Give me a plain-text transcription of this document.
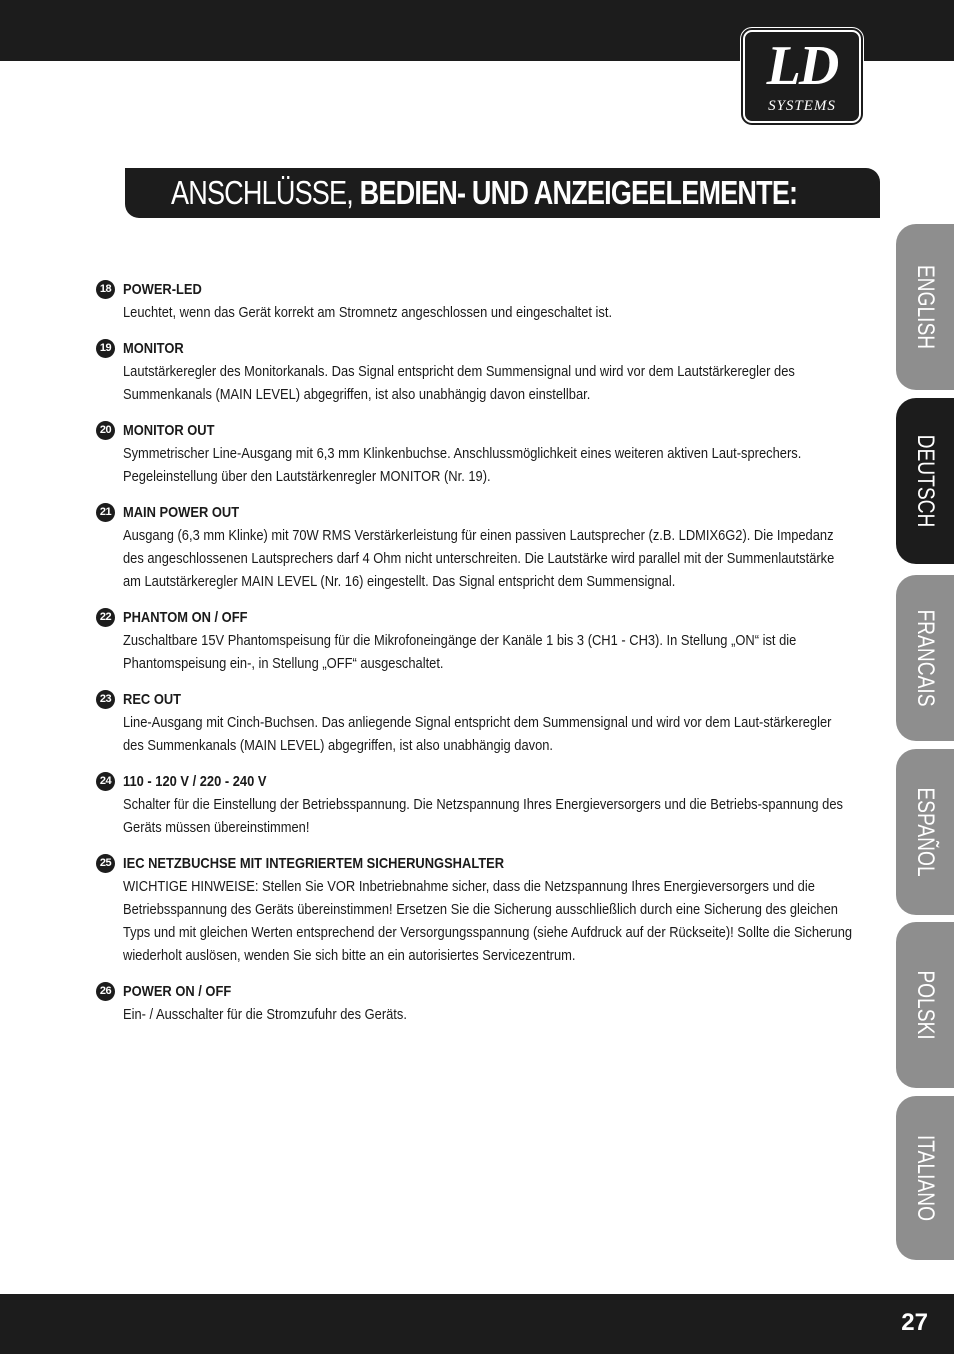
LD
SYSTEMS
ANSCHLÜSSE, BEDIEN- UND ANZEIGEELEMENTE:
ENGLISH
DEUTSCH
FRANCAIS
ESPAÑOL
POLSKI
ITALIANO
18 POWER-LED
Leuchtet, wenn das Gerät korrekt am Stromnetz angeschlossen und eingeschaltet ist.
19 MONITOR
Lautstärkeregler des Monitorkanals. Das Signal entspricht dem Summensignal und wird vor dem Lautstärkeregler des Summenkanals (MAIN LEVEL) abgegriffen, ist also unabhängig davon einstellbar.
20 MONITOR OUT
Symmetrischer Line-Ausgang mit 6,3 mm Klinkenbuchse. Anschlussmöglichkeit eines weiteren aktiven Laut-sprechers. Pegeleinstellung über den Lautstärkenregler MONITOR (Nr. 19).
21 MAIN POWER OUT
Ausgang (6,3 mm Klinke) mit 70W RMS Verstärkerleistung für einen passiven Lautsprecher (z.B. LDMIX6G2). Die Impedanz des angeschlossenen Lautsprechers darf 4 Ohm nicht unterschreiten. Die Lautstärke wird parallel mit der Summenlautstärke am Lautstärkeregler MAIN LEVEL (Nr. 16) eingestellt. Das Signal entspricht dem Summensignal.
22 PHANTOM ON / OFF
Zuschaltbare 15V Phantomspeisung für die Mikrofoneingänge der Kanäle 1 bis 3 (CH1 - CH3). In Stellung „ON“ ist die Phantomspeisung ein-, in Stellung „OFF“ ausgeschaltet.
23 REC OUT
Line-Ausgang mit Cinch-Buchsen. Das anliegende Signal entspricht dem Summensignal und wird vor dem Laut-stärkeregler des Summenkanals (MAIN LEVEL) abgegriffen, ist also unabhängig davon.
24 110 - 120 V / 220 - 240 V
Schalter für die Einstellung der Betriebsspannung. Die Netzspannung Ihres Energieversorgers und die Betriebs-spannung des Geräts müssen übereinstimmen!
25 IEC NETZBUCHSE MIT INTEGRIERTEM SICHERUNGSHALTER
WICHTIGE HINWEISE: Stellen Sie VOR Inbetriebnahme sicher, dass die Netzspannung Ihres Energieversorgers und die Betriebsspannung des Geräts übereinstimmen! Ersetzen Sie die Sicherung ausschließlich durch eine Sicherung des gleichen Typs und mit gleichen Werten entsprechend der Versorgungsspannung (siehe Aufdruck auf der Rückseite)! Sollte die Sicherung wiederholt auslösen, wenden Sie sich bitte an ein autorisiertes Servicezentrum.
26 POWER ON / OFF
Ein- / Ausschalter für die Stromzufuhr des Geräts.
27
